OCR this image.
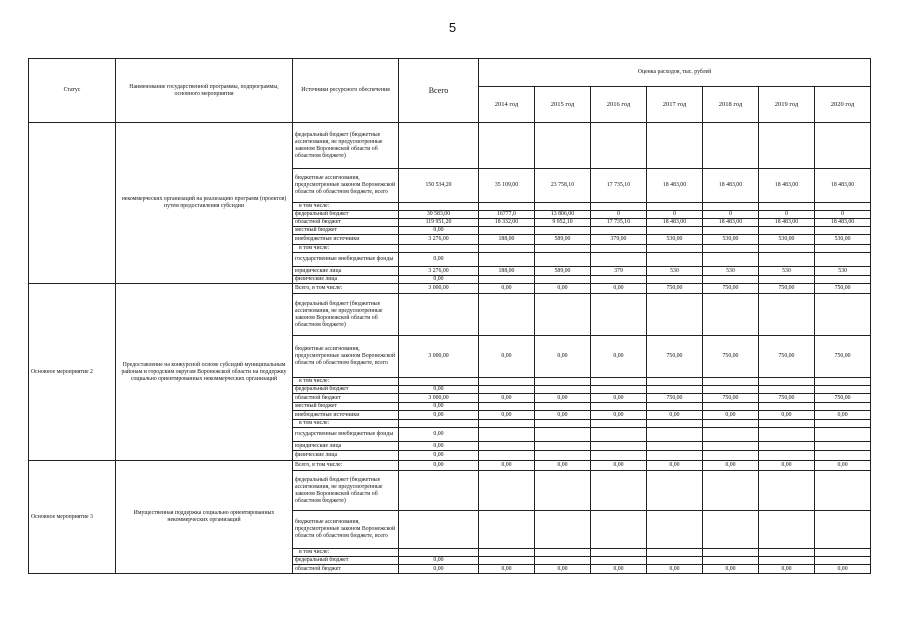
5
Статус	Наименование государственной программы, подпрограммы, основного мероприятия	Источники ресурсного обеспечения	Всего	Оценка расходов, тыс. рублей						
				2014 год	2015 год	2016 год	2017 год	2018 год	2019 год	2020 год
	некоммерческих организаций на реализацию программ (проектов) путем предоставления субсидии	федеральный бюджет (бюджетные ассигнования, не предусмотренные законом Воронежской области об областном бюджете)								
		бюджетные ассигнования, предусмотренные законом Воронежской области об областном бюджете, всего	150 534,20	35 109,00	23 758,10	17 735,10	18 483,00	18 483,00	18 483,00	18 483,00
		в том числе:								
		федеральный бюджет	30 583,00	16777,0	13 806,00	0	0	0	0	0
		областной бюджет	119 951,20	18 332,00	9 952,10	17 735,10	18 483,00	18 483,00	18 483,00	18 483,00
		местный бюджет	0,00							
		внебюджетные источники	3 276,00	188,00	589,00	379,00	530,00	530,00	530,00	530,00
		в том числе:								
		государственные внебюджетные фонды	0,00							
		юридические лица	3 276,00	188,00	589,00	379	530	530	530	530
		физические лица	0,00							
Основное мероприятие 2	Предоставление на конкурсной основе субсидий муниципальным районам и городским округам Воронежской области на поддержку социально ориентированных некоммерческих организаций	Всего, в том числе:	3 000,00	0,00	0,00	0,00	750,00	750,00	750,00	750,00
		федеральный бюджет (бюджетные ассигнования, не предусмотренные законом Воронежской области об областном бюджете)								
		бюджетные ассигнования, предусмотренные законом Воронежской области об областном бюджете, всего	3 000,00	0,00	0,00	0,00	750,00	750,00	750,00	750,00
		в том числе:								
		федеральный бюджет	0,00							
		областной бюджет	3 000,00	0,00	0,00	0,00	750,00	750,00	750,00	750,00
		местный бюджет	0,00							
		внебюджетные источники	0,00	0,00	0,00	0,00	0,00	0,00	0,00	0,00
		в том числе:								
		государственные внебюджетные фонды	0,00							
		юридические лица	0,00							
		физические лица	0,00							
Основное мероприятие 3	Имущественная поддержка социально ориентированных некоммерческих организаций	Всего, в том числе:	0,00	0,00	0,00	0,00	0,00	0,00	0,00	0,00
		федеральный бюджет (бюджетные ассигнования, не предусмотренные законом Воронежской области об областном бюджете)								
		бюджетные ассигнования, предусмотренные законом Воронежской области об областном бюджете, всего								
		в том числе:								
		федеральный бюджет	0,00							
		областной бюджет	0,00	0,00	0,00	0,00	0,00	0,00	0,00	0,00
